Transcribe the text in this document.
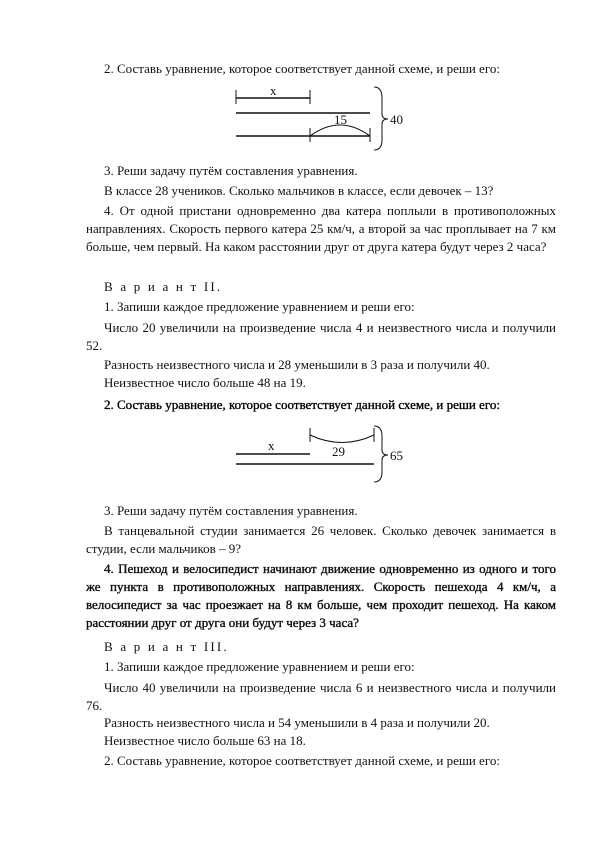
2. Составь уравнение, которое соответствует данной схеме, и реши его:

x
15	40

3. Реши задачу путём составления уравнения.

В классе 28 учеников. Сколько мальчиков в классе, если девочек – 13?

4. От одной пристани одновременно два катера поплыли в противоположных направлениях. Скорость первого катера 25 км/ч, а второй за час проплывает на 7 км больше, чем первый. На каком расстоянии друг от друга катера будут через 2 часа?

В а р и а н т II.

1. Запиши каждое предложение уравнением и реши его:

Число 20 увеличили на произведение числа 4 и неизвестного числа и получили 52.

Разность неизвестного числа и 28 уменьшили в 3 раза и получили 40.

Неизвестное число больше 48 на 19.

2. Составь уравнение, которое соответствует данной схеме, и реши его:

x	29	65

3. Реши задачу путём составления уравнения.

В танцевальной студии занимается 26 человек. Сколько девочек занимается в студии, если мальчиков – 9?

4. Пешеход и велосипедист начинают движение одновременно из одного и того же пункта в противоположных направлениях. Скорость пешехода 4 км/ч, а велосипедист за час проезжает на 8 км больше, чем проходит пешеход. На каком расстоянии друг от друга они будут через 3 часа?

В а р и а н т III.

1. Запиши каждое предложение уравнением и реши его:

Число 40 увеличили на произведение числа 6 и неизвестного числа и получили 76.

Разность неизвестного числа и 54 уменьшили в 4 раза и получили 20.

Неизвестное число больше 63 на 18.

2. Составь уравнение, которое соответствует данной схеме, и реши его:
